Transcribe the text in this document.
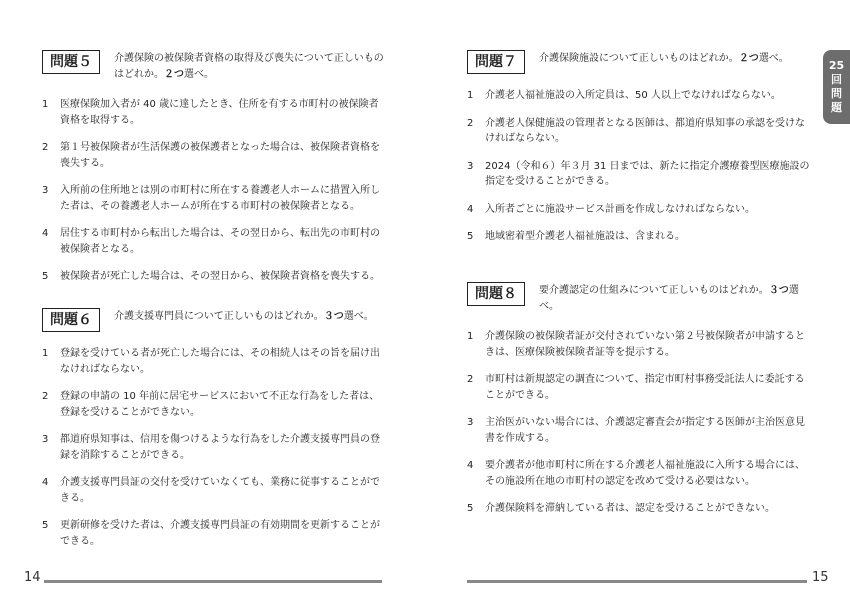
問題５	介護保険の被保険者資格の取得及び喪失について正しいものはどれか。２つ選べ。
1	医療保険加入者が 40 歳に達したとき、住所を有する市町村の被保険者資格を取得する。
2	第１号被保険者が生活保護の被保護者となった場合は、被保険者資格を喪失する。
3	入所前の住所地とは別の市町村に所在する養護老人ホームに措置入所した者は、その養護老人ホームが所在する市町村の被保険者となる。
4	居住する市町村から転出した場合は、その翌日から、転出先の市町村の被保険者となる。
5	被保険者が死亡した場合は、その翌日から、被保険者資格を喪失する。
問題６	介護支援専門員について正しいものはどれか。３つ選べ。
1	登録を受けている者が死亡した場合には、その相続人はその旨を届け出なければならない。
2	登録の申請の 10 年前に居宅サービスにおいて不正な行為をした者は、登録を受けることができない。
3	都道府県知事は、信用を傷つけるような行為をした介護支援専門員の登録を消除することができる。
4	介護支援専門員証の交付を受けていなくても、業務に従事することができる。
5	更新研修を受けた者は、介護支援専門員証の有効期間を更新することができる。
14
問題７	介護保険施設について正しいものはどれか。２つ選べ。
1	介護老人福祉施設の入所定員は、50 人以上でなければならない。
2	介護老人保健施設の管理者となる医師は、都道府県知事の承認を受けなければならない。
3	2024（令和６）年３月 31 日までは、新たに指定介護療養型医療施設の指定を受けることができる。
4	入所者ごとに施設サービス計画を作成しなければならない。
5	地域密着型介護老人福祉施設は、含まれる。
問題８	要介護認定の仕組みについて正しいものはどれか。３つ選べ。
1	介護保険の被保険者証が交付されていない第２号被保険者が申請するときは、医療保険被保険者証等を提示する。
2	市町村は新規認定の調査について、指定市町村事務受託法人に委託することができる。
3	主治医がいない場合には、介護認定審査会が指定する医師が主治医意見書を作成する。
4	要介護者が他市町村に所在する介護老人福祉施設に入所する場合には、その施設所在地の市町村の認定を改めて受ける必要はない。
5	介護保険料を滞納している者は、認定を受けることができない。
15
25
回
問
題
